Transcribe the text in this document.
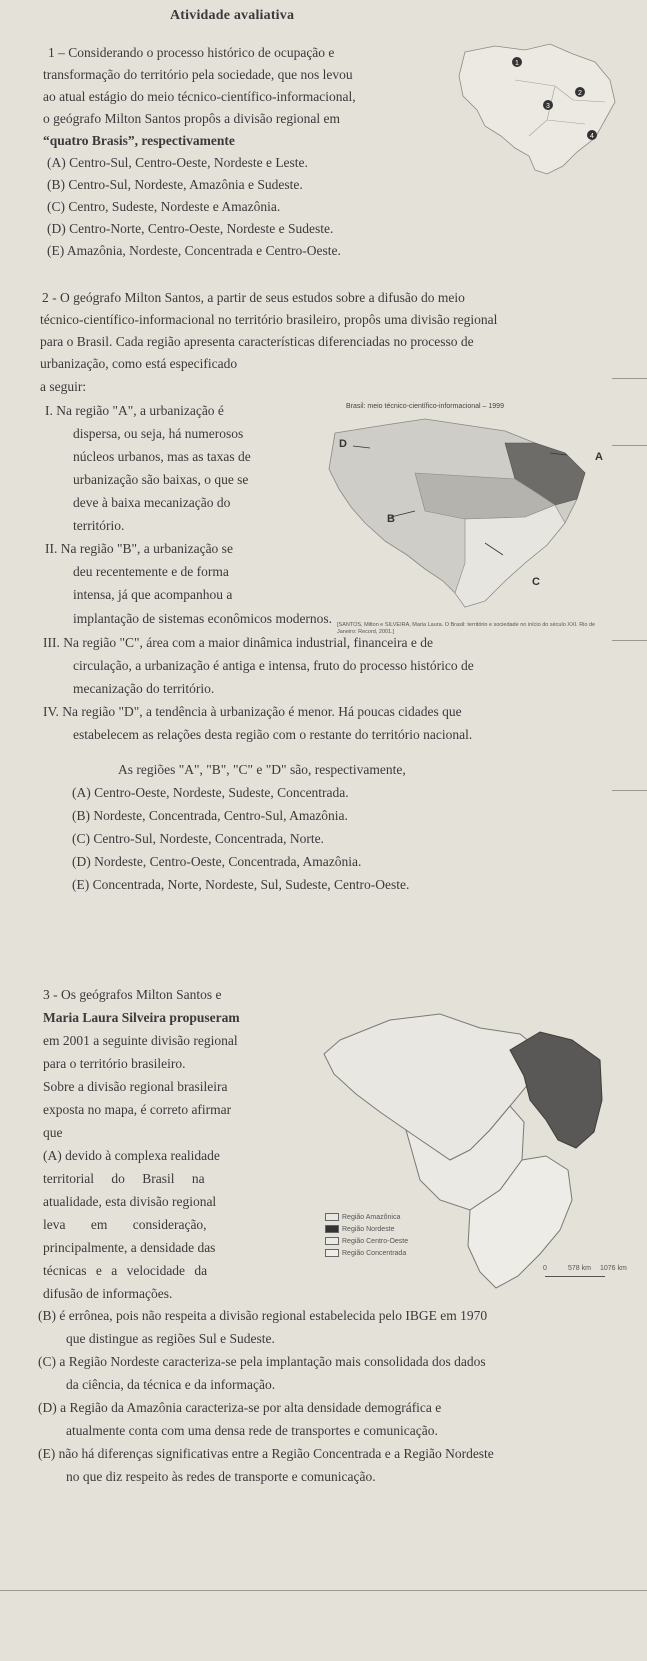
Atividade avaliativa
1 – Considerando o processo histórico de ocupação e
transformação do território pela sociedade, que nos levou
ao atual estágio do meio técnico-científico-informacional,
o geógrafo Milton Santos propôs a divisão regional em
“quatro Brasis”, respectivamente
(A) Centro-Sul, Centro-Oeste, Nordeste e Leste.
(B) Centro-Sul, Nordeste, Amazônia e Sudeste.
(C) Centro, Sudeste, Nordeste e Amazônia.
(D) Centro-Norte, Centro-Oeste, Nordeste e Sudeste.
(E) Amazônia, Nordeste, Concentrada e Centro-Oeste.
1
2
3
4
2 - O geógrafo Milton Santos, a partir de seus estudos sobre a difusão do meio
técnico-científico-informacional no território brasileiro, propôs uma divisão regional
para o Brasil. Cada região apresenta características diferenciadas no processo de
urbanização, como está especificado
a seguir:
I. Na região "A", a urbanização é
dispersa, ou seja, há numerosos
núcleos urbanos, mas as taxas de
urbanização são baixas, o que se
deve à baixa mecanização do
território.
II. Na região "B", a urbanização se
deu recentemente e de forma
intensa, já que acompanhou a
implantação de sistemas econômicos modernos.
III. Na região "C", área com a maior dinâmica industrial, financeira e de
circulação, a urbanização é antiga e intensa, fruto do processo histórico de
mecanização do território.
IV. Na região "D", a tendência à urbanização é menor. Há poucas cidades que
estabelecem as relações desta região com o restante do território nacional.
As regiões "A", "B", "C" e "D" são, respectivamente,
(A) Centro-Oeste, Nordeste, Sudeste, Concentrada.
(B) Nordeste, Concentrada, Centro-Sul, Amazônia.
(C) Centro-Sul, Nordeste, Concentrada, Norte.
(D) Nordeste, Centro-Oeste, Concentrada, Amazônia.
(E) Concentrada, Norte, Nordeste, Sul, Sudeste, Centro-Oeste.
Brasil: meio técnico-científico-informacional – 1999
D
A
B
C
[SANTOS, Milton e SILVEIRA, Maria Laura. O Brasil: território e sociedade no início do século XXI. Rio de Janeiro: Record, 2001.]
3 - Os geógrafos Milton Santos e
Maria Laura Silveira propuseram
em 2001 a seguinte divisão regional
para o território brasileiro.
Sobre a divisão regional brasileira
exposta no mapa, é correto afirmar
que
(A) devido à complexa realidade
territorial do Brasil na
atualidade, esta divisão regional
leva em consideração,
principalmente, a densidade das
técnicas e a velocidade da
difusão de informações.
(B) é errônea, pois não respeita a divisão regional estabelecida pelo IBGE em 1970
que distingue as regiões Sul e Sudeste.
(C) a Região Nordeste caracteriza-se pela implantação mais consolidada dos dados
da ciência, da técnica e da informação.
(D) a Região da Amazônia caracteriza-se por alta densidade demográfica e
atualmente conta com uma densa rede de transportes e comunicação.
(E) não há diferenças significativas entre a Região Concentrada e a Região Nordeste
no que diz respeito às redes de transporte e comunicação.
Região Amazônica
Região Nordeste
Região Centro-Oeste
Região Concentrada
0	578 km 1076 km
